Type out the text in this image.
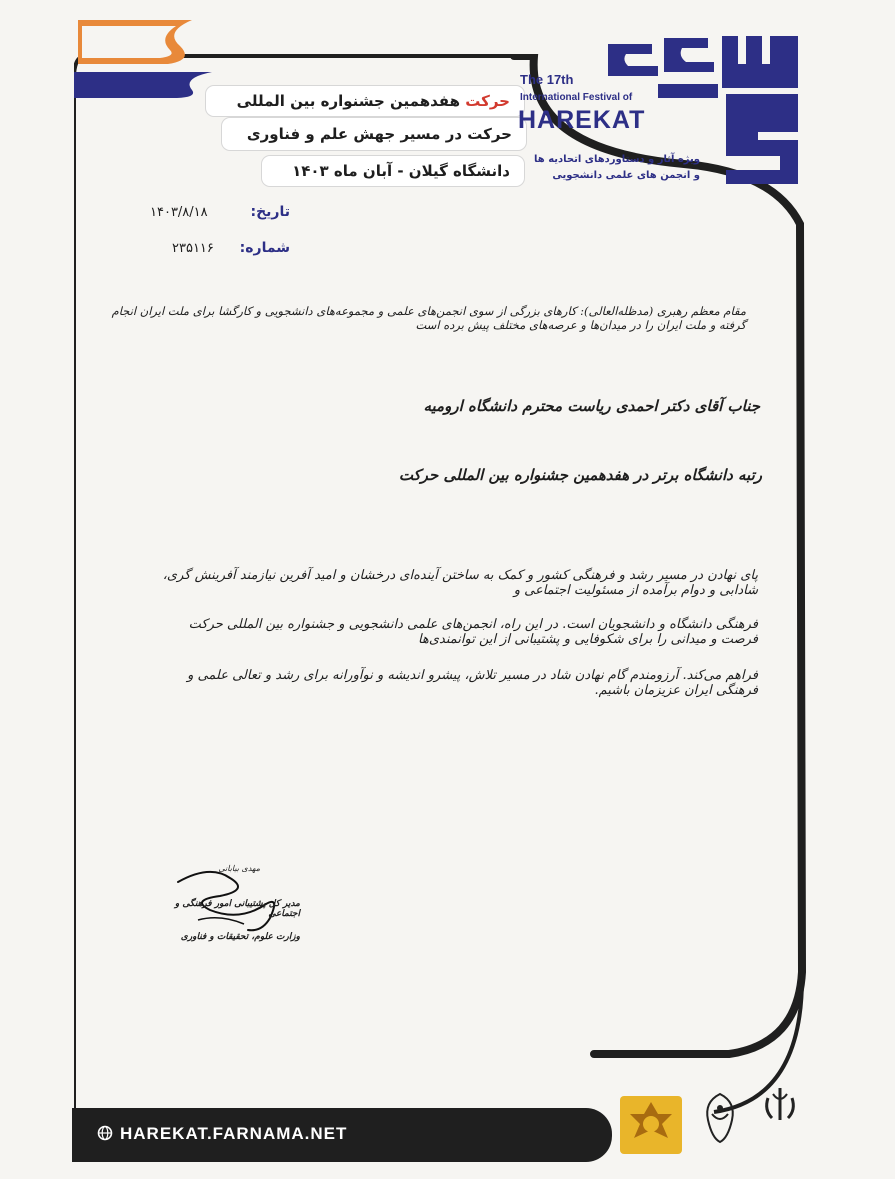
حرکت هفدهمین جشنواره بین المللی
حرکت در مسیر جهش علم و فناوری
دانشگاه گیلان - آبان ماه ۱۴۰۳
The 17th
International Festival of
HAREKAT
ویژه آثار و دستاوردهای اتحادیه ها
و انجمن های علمی دانشجویی
تاریخ:
۱۴۰۳/۸/۱۸
شماره:
۲۳۵۱۱۶
مقام معظم رهبری (مدظله‌العالی): کارهای بزرگی از سوی انجمن‌های علمی و مجموعه‌های دانشجویی و کارگشا برای ملت ایران انجام گرفته و ملت ایران را در میدان‌ها و عرصه‌های مختلف پیش برده است
جناب آقای دکتر احمدی ریاست محترم دانشگاه ارومیه
رتبه دانشگاه برتر در هفدهمین جشنواره بین المللی حرکت
پای نهادن در مسیر رشد و فرهنگی کشور و کمک به ساختن آینده‌ای درخشان و امید آفرین نیازمند آفرینش گری، شادابی و دوام برآمده از مسئولیت اجتماعی و
فرهنگی دانشگاه و دانشجویان است. در این راه، انجمن‌های علمی دانشجویی و جشنواره بین المللی حرکت فرصت و میدانی را برای شکوفایی و پشتیبانی از این توانمندی‌ها
فراهم می‌کند. آرزومندم گام نهادن شاد در مسیر تلاش، پیشرو اندیشه و نوآورانه برای رشد و تعالی علمی و فرهنگی ایران عزیزمان باشیم.
مهدی بیابانی
مدیر کل پشتیبانی امور فرهنگی و اجتماعی
وزارت علوم، تحقیقات و فناوری
HAREKAT.FARNAMA.NET
